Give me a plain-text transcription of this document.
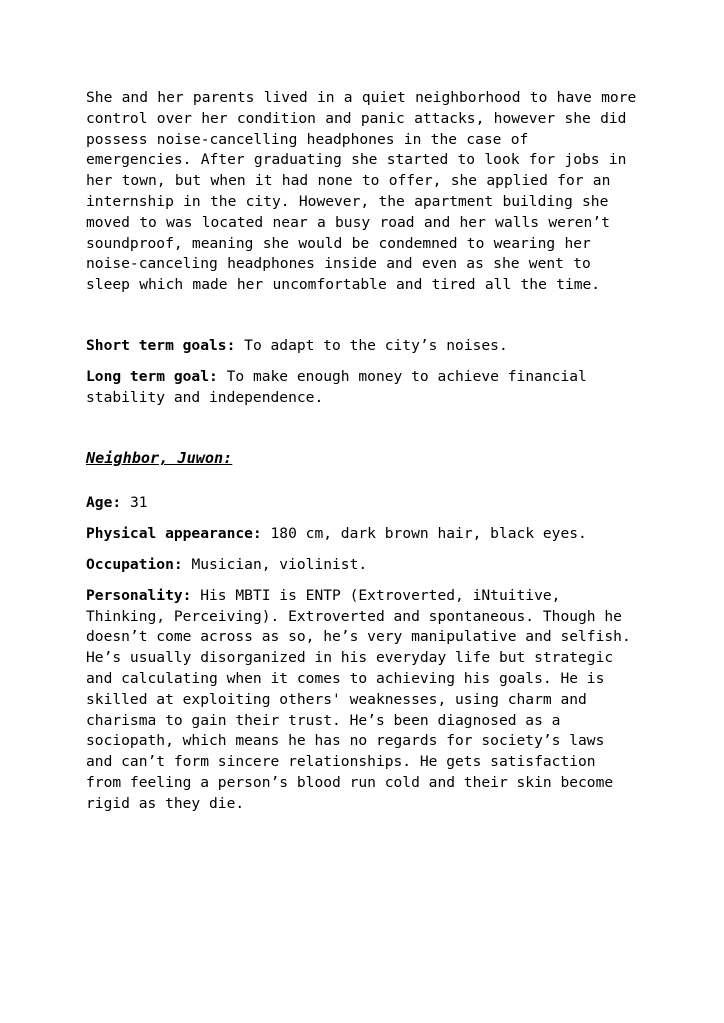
She and her parents lived in a quiet neighborhood to have more control over her condition and panic attacks, however she did possess noise-cancelling headphones in the case of emergencies. After graduating she started to look for jobs in her town, but when it had none to offer, she applied for an internship in the city. However, the apartment building she moved to was located near a busy road and her walls weren’t soundproof, meaning she would be condemned to wearing her noise-canceling headphones inside and even as she went to sleep which made her uncomfortable and tired all the time.

Short term goals: To adapt to the city’s noises.

Long term goal: To make enough money to achieve financial stability and independence.

Neighbor, Juwon:

Age: 31

Physical appearance: 180 cm, dark brown hair, black eyes.

Occupation: Musician, violinist.

Personality: His MBTI is ENTP (Extroverted, iNtuitive, Thinking, Perceiving). Extroverted and spontaneous. Though he doesn’t come across as so, he’s very manipulative and selfish. He’s usually disorganized in his everyday life but strategic and calculating when it comes to achieving his goals. He is skilled at exploiting others' weaknesses, using charm and charisma to gain their trust. He’s been diagnosed as a sociopath, which means he has no regards for society’s laws and can’t form sincere relationships. He gets satisfaction from feeling a person’s blood run cold and their skin become rigid as they die.
